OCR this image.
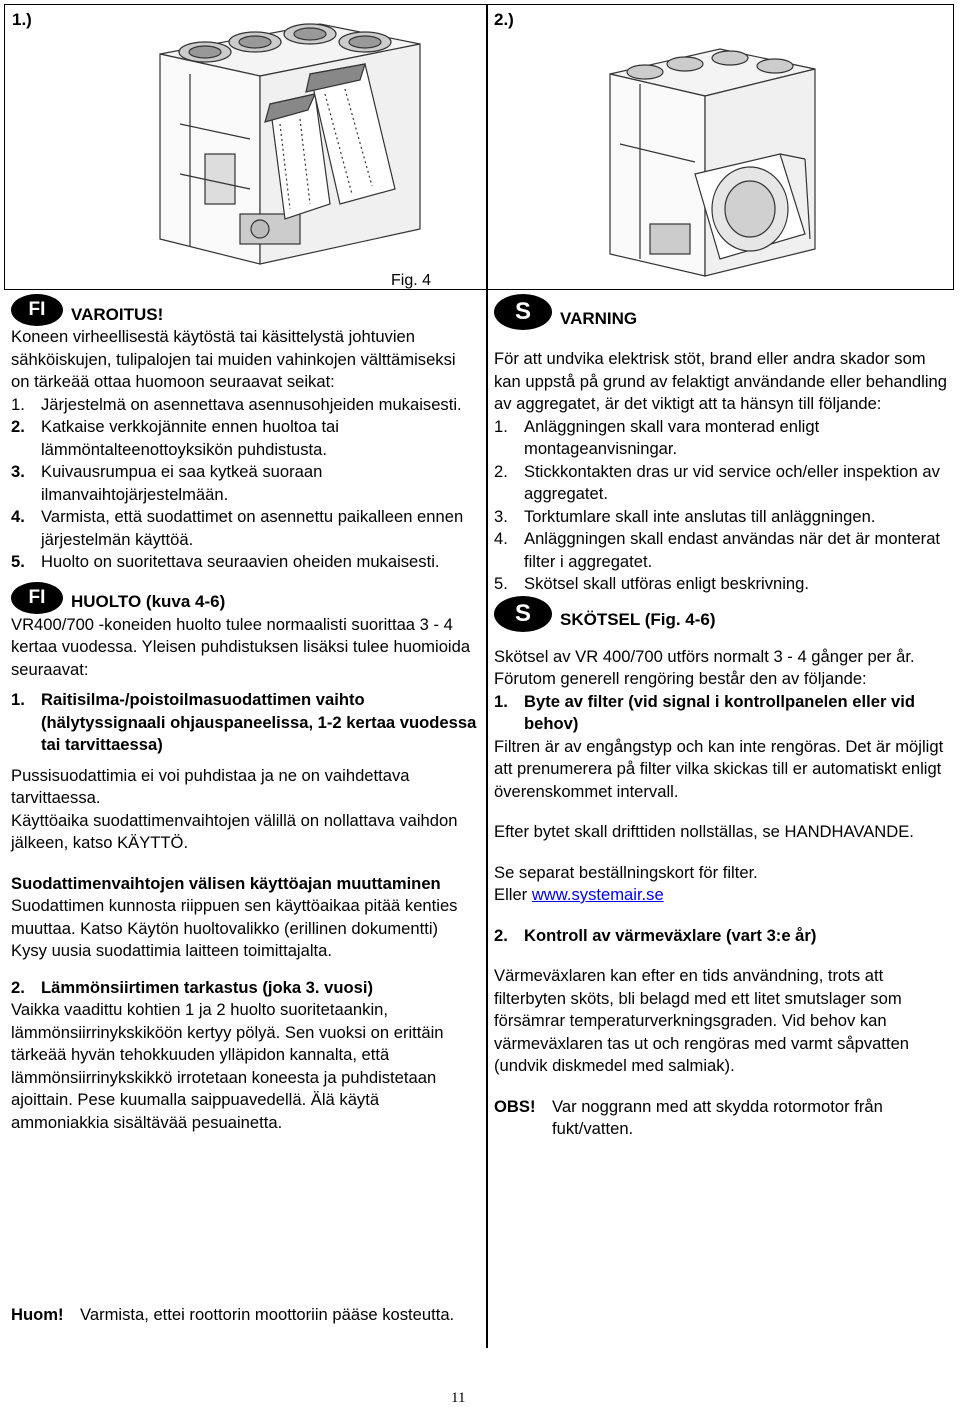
1.)	2.)
Fig. 4
FI	VAROITUS!

Koneen virheellisestä käytöstä tai käsittelystä johtuvien sähköiskujen, tulipalojen tai muiden vahinkojen välttämiseksi on tärkeää ottaa huomoon seuraavat seikat:

1. Järjestelmä on asennettava asennusohjeiden mukaisesti.
2. Katkaise verkkojännite ennen huoltoa tai lämmöntalteenottoyksikön puhdistusta.
3. Kuivausrumpua ei saa kytkeä suoraan ilmanvaihtojärjestelmään.
4. Varmista, että suodattimet on asennettu paikalleen ennen järjestelmän käyttöä.
5. Huolto on suoritettava seuraavien oheiden mukaisesti.
FI	HUOLTO (kuva 4-6)

VR400/700 -koneiden huolto tulee normaalisti suorittaa 3 - 4 kertaa vuodessa. Yleisen puhdistuksen lisäksi tulee huomioida seuraavat:

1. Raitisilma-/poistoilmasuodattimen vaihto (hälytyssignaali ohjauspaneelissa, 1-2 kertaa vuodessa tai tarvittaessa)

Pussisuodattimia ei voi puhdistaa ja ne on vaihdettava tarvittaessa.

Käyttöaika suodattimenvaihtojen välillä on nollattava vaihdon jälkeen, katso KÄYTTÖ.

Suodattimenvaihtojen välisen käyttöajan muuttaminen

Suodattimen kunnosta riippuen sen käyttöaikaa pitää kenties muuttaa. Katso Käytön huoltovalikko (erillinen dokumentti)

Kysy uusia suodattimia laitteen toimittajalta.

2. Lämmönsiirtimen tarkastus (joka 3. vuosi)

Vaikka vaadittu kohtien 1 ja 2 huolto suoritetaankin, lämmönsiirrinykskiköön kertyy pölyä. Sen vuoksi on erittäin tärkeää hyvän tehokkuuden ylläpidon kannalta, että lämmönsiirrinykskikkö irrotetaan koneesta ja puhdistetaan ajoittain. Pese kuumalla saippuavedellä. Älä käytä ammoniakkia sisältävää pesuainetta.

Huom! Varmista, ettei roottorin moottoriin pääse kosteutta.
S	VARNING

För att undvika elektrisk stöt, brand eller andra skador som kan uppstå på grund av felaktigt användande eller behandling av aggregatet, är det viktigt att ta hänsyn till följande:

1. Anläggningen skall vara monterad enligt montageanvisningar.
2. Stickkontakten dras ur vid service och/eller inspektion av aggregatet.
3. Torktumlare skall inte anslutas till anläggningen.
4. Anläggningen skall endast användas när det är monterat filter i aggregatet.
5. Skötsel skall utföras enligt beskrivning.
S	SKÖTSEL (Fig. 4-6)

Skötsel av VR 400/700 utförs normalt 3 - 4 gånger per år. Förutom generell rengöring består den av följande:

1. Byte av filter (vid signal i kontrollpanelen eller vid behov)

Filtren är av engångstyp och kan inte rengöras. Det är möjligt att prenumerera på filter vilka skickas till er automatiskt enligt överenskommet intervall.

Efter bytet skall drifttiden nollställas, se HANDHAVANDE.

Se separat beställningskort för filter.

Eller www.systemair.se

2. Kontroll av värmeväxlare (vart 3:e år)

Värmeväxlaren kan efter en tids användning, trots att filterbyten sköts, bli belagd med ett litet smutslager som försämrar temperaturverkningsgraden. Vid behov kan värmeväxlaren tas ut och rengöras med varmt såpvatten (undvik diskmedel med salmiak).

OBS! Var noggrann med att skydda rotormotor från fukt/vatten.
11
